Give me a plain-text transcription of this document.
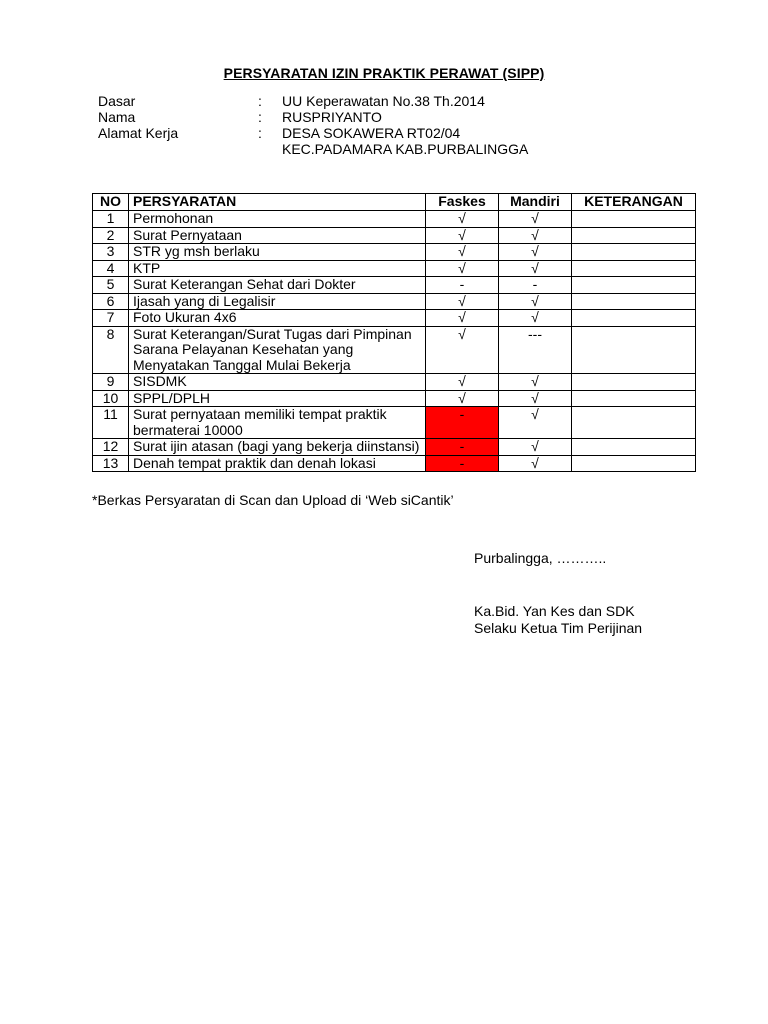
PERSYARATAN IZIN PRAKTIK PERAWAT (SIPP)
Dasar	:	UU Keperawatan No.38 Th.2014
Nama	:	RUSPRIYANTO
Alamat Kerja	:	DESA SOKAWERA RT02/04
KEC.PADAMARA KAB.PURBALINGGA
NO	PERSYARATAN	Faskes	Mandiri	KETERANGAN
1	Permohonan	√	√	
2	Surat Pernyataan	√	√	
3	STR yg msh berlaku	√	√	
4	KTP	√	√	
5	Surat Keterangan Sehat dari Dokter	-	-	
6	Ijasah yang di Legalisir	√	√	
7	Foto Ukuran 4x6	√	√	
8	Surat Keterangan/Surat Tugas dari Pimpinan Sarana Pelayanan Kesehatan yang Menyatakan Tanggal Mulai Bekerja	√	---	
9	SISDMK	√	√	
10	SPPL/DPLH	√	√	
11	Surat pernyataan memiliki tempat praktik bermaterai 10000	-	√	
12	Surat ijin atasan (bagi yang bekerja diinstansi)	-	√	
13	Denah tempat praktik dan denah lokasi	-	√	
*Berkas Persyaratan di Scan dan Upload di ‘Web siCantik’
Purbalingga, ………..
Ka.Bid. Yan Kes dan SDK
Selaku Ketua Tim Perijinan
